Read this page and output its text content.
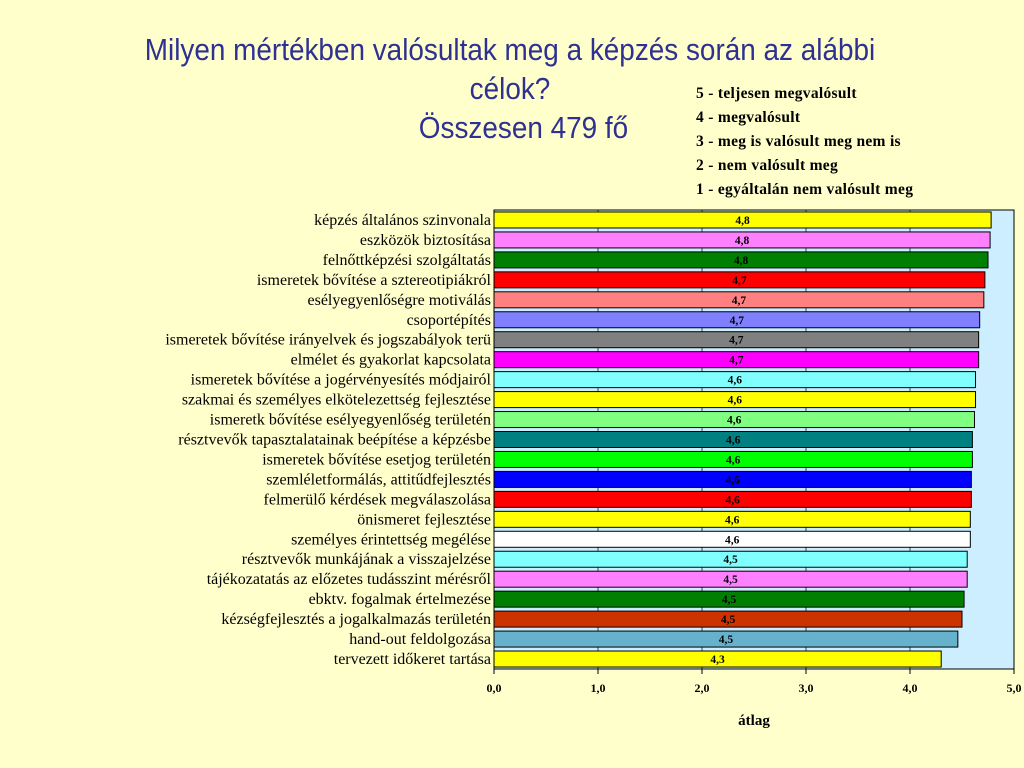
Milyen mértékben valósultak meg a képzés során az alábbi
célok?
Összesen 479 fő
5 - teljesen megvalósult
4 - megvalósult
3 - meg is valósult meg nem is
2 - nem valósult meg
1 - egyáltalán nem valósult meg
képzés általános szinvonala	4,8
eszközök biztosítása	4,8
felnőttképzési szolgáltatás	4,8
ismeretek bővítése a sztereotipiákról	4,7
esélyegyenlőségre motiválás	4,7
csoportépítés	4,7
ismeretek bővítése irányelvek és jogszabályok terü	4,7
elmélet és gyakorlat kapcsolata	4,7
ismeretek bővítése a jogérvényesítés módjairól	4,6
szakmai és személyes elkötelezettség fejlesztése	4,6
ismeretk bővítése esélyegyenlőség területén	4,6
résztvevők tapasztalatainak beépítése a képzésbe	4,6
ismeretek bővítése esetjog területén	4,6
szemléletformálás, attitűdfejlesztés	4,6
felmerülő kérdések megválaszolása	4,6
önismeret fejlesztése	4,6
személyes érintettség megélése	4,6
résztvevők munkájának a visszajelzése	4,5
tájékozatatás az előzetes tudásszint mérésről	4,5
ebktv. fogalmak értelmezése	4,5
kézségfejlesztés a jogalkalmazás területén	4,5
hand-out feldolgozása	4,5
tervezett időkeret tartása	4,3
0,0	1,0	2,0	3,0	4,0	5,0
átlag
